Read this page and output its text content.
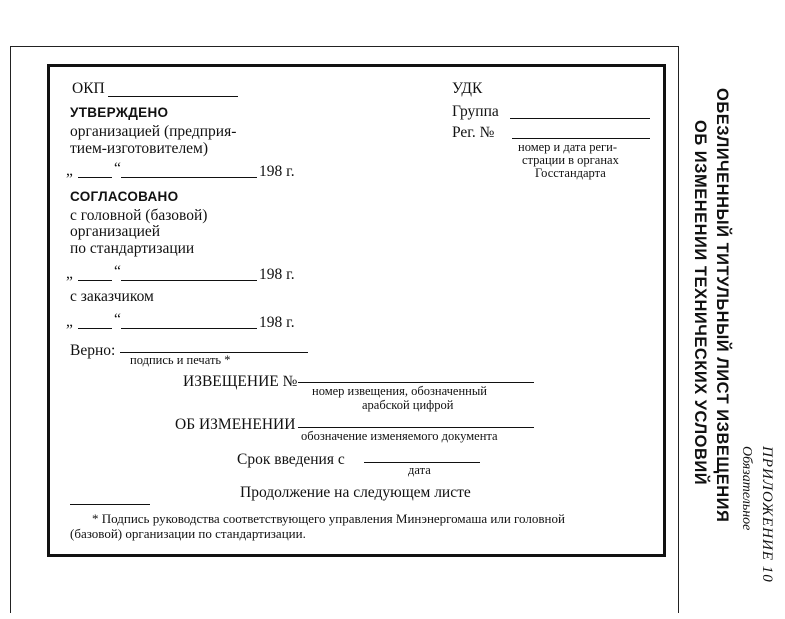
ОКП	УДК
Группа
Рег. №
номер и дата реги-
страции в органах
Госстандарта
УТВЕРЖДЕНО
организацией (предприя-
тием-изготовителем)
„	“	198 г.
СОГЛАСОВАНО
с головной (базовой)
организацией
по стандартизации
„	“	198 г.
с заказчиком
„	“	198 г.
Верно:
подпись и печать *
ИЗВЕЩЕНИЕ №
номер извещения, обозначенный
арабской цифрой
ОБ ИЗМЕНЕНИИ
обозначение изменяемого документа
Срок введения с
дата
Продолжение на следующем листе
* Подпись руководства соответствующего управления Минэнергомаша или головной
(базовой) организации по стандартизации.
ОБЕЗЛИЧЕННЫЙ ТИТУЛЬНЫЙ ЛИСТ ИЗВЕЩЕНИЯ
ОБ ИЗМЕНЕНИИ ТЕХНИЧЕСКИХ УСЛОВИЙ
ПРИЛОЖЕНИЕ 10
Обязательное
